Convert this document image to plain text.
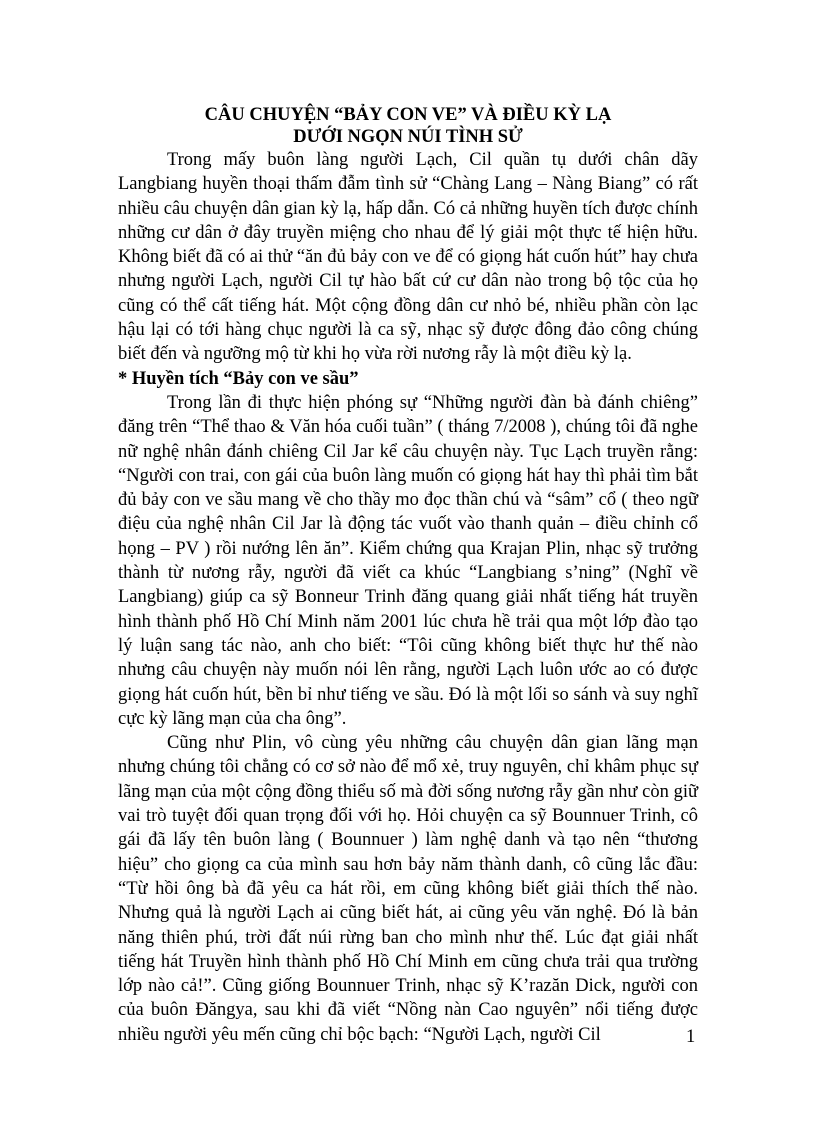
CÂU CHUYỆN “BẢY CON VE” VÀ ĐIỀU KỲ LẠ

DƯỚI NGỌN NÚI TÌNH SỬ

Trong mấy buôn làng người Lạch, Cil quần tụ dưới chân dãy Langbiang huyền thoại thấm đẫm tình sử “Chàng Lang – Nàng Biang” có rất nhiều câu chuyện dân gian kỳ lạ, hấp dẫn. Có cả những huyền tích được chính những cư dân ở đây truyền miệng cho nhau để lý giải một thực tế hiện hữu. Không biết đã có ai thử “ăn đủ bảy con ve để có giọng hát cuốn hút” hay chưa nhưng người Lạch, người Cil tự hào bất cứ cư dân nào trong bộ tộc của họ cũng có thể cất tiếng hát. Một cộng đồng dân cư nhỏ bé, nhiều phần còn lạc hậu lại có tới hàng chục người là ca sỹ, nhạc sỹ được đông đảo công chúng biết đến và ngưỡng mộ từ khi họ vừa rời nương rẫy là một điều kỳ lạ.

* Huyền tích “Bảy con ve sầu”

Trong lần đi thực hiện phóng sự “Những người đàn bà đánh chiêng” đăng trên “Thể thao & Văn hóa cuối tuần” ( tháng 7/2008 ), chúng tôi đã nghe nữ nghệ nhân đánh chiêng Cil Jar kể câu chuyện này. Tục Lạch truyền rằng: “Người con trai, con gái của buôn làng muốn có giọng hát hay thì phải tìm bắt đủ bảy con ve sầu mang về cho thầy mo đọc thần chú và “sâm” cổ ( theo ngữ điệu của nghệ nhân Cil Jar là động tác vuốt vào thanh quản – điều chỉnh cổ họng – PV ) rồi nướng lên ăn”. Kiểm chứng qua Krajan Plin, nhạc sỹ trưởng thành từ nương rẫy, người đã viết ca khúc “Langbiang s’ning” (Nghĩ về Langbiang) giúp ca sỹ Bonneur Trinh đăng quang giải nhất tiếng hát truyền hình thành phố Hồ Chí Minh năm 2001 lúc chưa hề trải qua một lớp đào tạo lý luận sang tác nào, anh cho biết: “Tôi cũng không biết thực hư thế nào nhưng câu chuyện này muốn nói lên rằng, người Lạch luôn ước ao có được giọng hát cuốn hút, bền bỉ như tiếng ve sầu. Đó là một lối so sánh và suy nghĩ cực kỳ lãng mạn của cha ông”.

Cũng như Plin, vô cùng yêu những câu chuyện dân gian lãng mạn nhưng chúng tôi chẳng có cơ sở nào để mổ xẻ, truy nguyên, chỉ khâm phục sự lãng mạn của một cộng đồng thiểu số mà đời sống nương rẫy gần như còn giữ vai trò tuyệt đối quan trọng đối với họ. Hỏi chuyện ca sỹ Bounnuer Trinh, cô gái đã lấy tên buôn làng ( Bounnuer ) làm nghệ danh và tạo nên “thương hiệu” cho giọng ca của mình sau hơn bảy năm thành danh, cô cũng lắc đầu: “Từ hồi ông bà đã yêu ca hát rồi, em cũng không biết giải thích thế nào. Nhưng quả là người Lạch ai cũng biết hát, ai cũng yêu văn nghệ. Đó là bản năng thiên phú, trời đất núi rừng ban cho mình như thế. Lúc đạt giải nhất tiếng hát Truyền hình thành phố Hồ Chí Minh em cũng chưa trải qua trường lớp nào cả!”. Cũng giống Bounnuer Trinh, nhạc sỹ K’razăn Dick, người con của buôn Đăngya, sau khi đã viết “Nồng nàn Cao nguyên” nổi tiếng được nhiều người yêu mến cũng chỉ bộc bạch: “Người Lạch, người Cil	1
